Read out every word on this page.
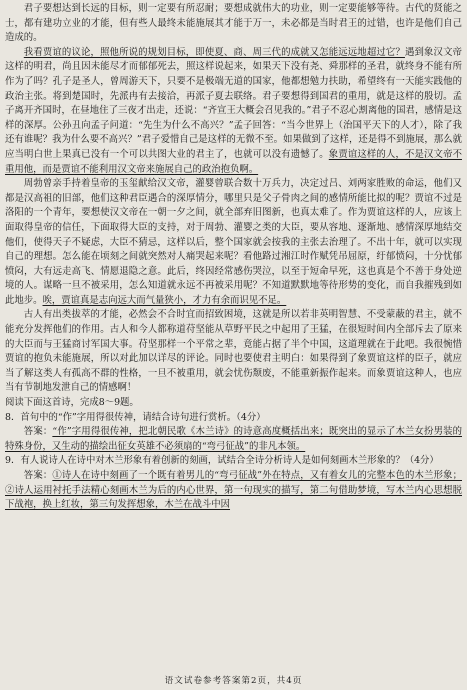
君子要想达到长远的目标，则一定要有所忍耐；要想成就伟大的功业，则一定要能够等待。古代的贤能之士，都有建功立业的才能，但有些人最终未能施展其才能于万一，未必都是当时君王的过错，也许是他们自己造成的。

我看贾谊的议论，照他所说的规划目标，即使夏、商、周三代的成就又怎能远远地超过它？遇到象汉文帝这样的明君，尚且因未能尽才而郁郁死去，照这样说起来，如果天下没有尧、舜那样的圣君，就终身不能有所作为了吗？孔子是圣人，曾周游天下，只要不是极端无道的国家，他都想勉力扶助，希望终有一天能实践他的政治主张。将到楚国时，先派冉有去接洽，再派子夏去联络。君子要想得到国君的重用，就是这样的殷切。孟子离开齐国时，在昼地住了三夜才出走，还说：“齐宣王大概会召见我的。”君子不忍心割离他的国君，感情是这样的深厚。公孙丑向孟子问道：“先生为什么不高兴？”孟子回答：“当今世界上（治国平天下的人才），除了我还有谁呢？我为什么要不高兴？”君子爱惜自己是这样的无微不至。如果做到了这样，还是得不到施展，那么就应当明白世上果真已没有一个可以共图大业的君主了，也就可以没有遗憾了。象贾谊这样的人，不是汉文帝不重用他，而是贾谊不能利用汉文帝来施展自己的政治抱负啊。

周勃曾亲手持着皇帝的玉玺献给汉文帝，灌婴曾联合数十万兵力，决定过吕、刘两家胜败的命运，他们又都是汉高祖的旧部，他们这种君臣遇合的深厚情分，哪里只是父子骨肉之间的感情所能比拟的呢？贾谊不过是洛阳的一个青年，要想使汉文帝在一朝一夕之间，就全部弃旧图新，也真太难了。作为贾谊这样的人，应该上面取得皇帝的信任，下面取得大臣的支持，对于周勃、灌婴之类的大臣，要从容地、逐渐地、感情深厚地结交他们，使得天子不疑虑，大臣不猜忌，这样以后，整个国家就会按我的主张去治理了。不出十年，就可以实现自己的理想。怎么能在顷刻之间就突然对人痛哭起来呢？看他路过湘江时作赋凭吊屈原，纡郁愤闷，十分忧郁愤闷，大有远走高飞、情愿退隐之意。此后，终因经常感伤哭泣，以至于短命早死，这也真是个不善于身处逆境的人。谋略一旦不被采用，怎么知道就永远不再被采用呢？不知道默默地等待形势的变化，而自我摧残到如此地步。唉，贾谊真是志向远大而气量狭小，才力有余而识见不足。

古人有出类拔萃的才能，必然会不合时宜而招致困境，这就是所以若非英明智慧、不受蒙蔽的君主，就不能充分发挥他们的作用。古人和今人都称道苻坚能从草野平民之中起用了王猛，在很短时间内全部斥去了原来的大臣而与王猛商讨军国大事。苻坚那样一个平常之辈，竟能占据了半个中国，这道理就在于此吧。我很惋惜贾谊的抱负未能施展，所以对此加以详尽的评论。同时也要使君主明白：如果得到了象贾谊这样的臣子，就应当了解这类人有孤高不群的性格，一旦不被重用，就会忧伤颓废，不能重新振作起来。而象贾谊这种人，也应当有节制地发泄自己的情感啊！

阅读下面这首诗，完成8～9题。

8．首句中的“作”字用得很传神，请结合诗句进行赏析。（4分）

答案：“作”字用得很传神，把北朝民歌《木兰诗》的诗意高度概括出来；既突出的显示了木兰女扮男装的特殊身份，又生动的描绘出征女英雄不必须扇的“弯弓征战”的非凡本领。

9．有人说诗人在诗中对木兰形象有着创新的刻画，试结合全诗分析诗人是如何刻画木兰形象的？（4分）

答案：①诗人在诗中刻画了一个既有着男儿的“弯弓征战”外在特点，又有着女儿的完整本色的木兰形象；②诗人运用衬托手法精心刻画木兰为后的内心世界，第一句现实的描写，第二句借助梦境，写木兰内心思想脱下战袍，换上红妆，第三句发挥想象，木兰在战斗中因

语文试卷参考答案第2页，共4页
